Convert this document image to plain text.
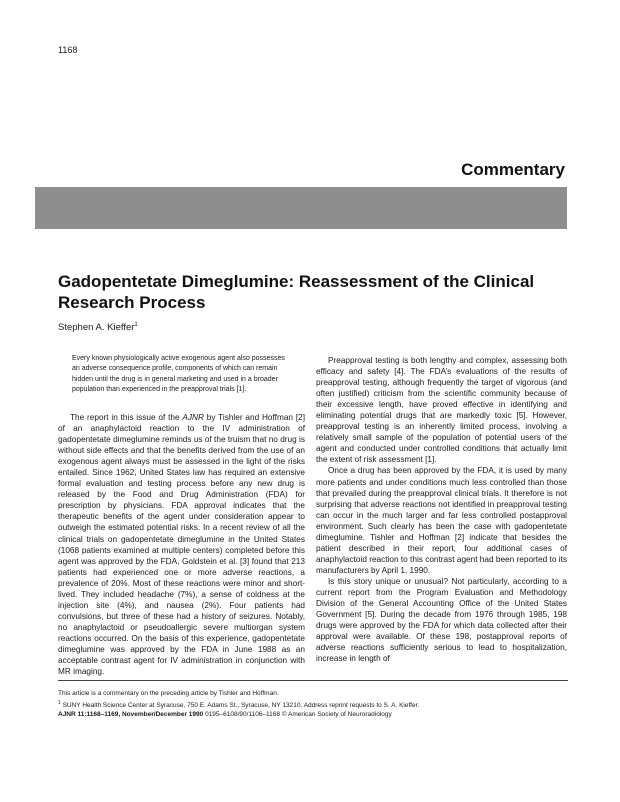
1168
Commentary
Gadopentetate Dimeglumine: Reassessment of the Clinical Research Process
Stephen A. Kieffer$^1$
Every known physiologically active exogenous agent also possesses an adverse consequence profile, components of which can remain hidden until the drug is in general marketing and used in a broader population than experienced in the preapproval trials [1].

The report in this issue of the AJNR by Tishler and Hoffman [2] of an anaphylactoid reaction to the IV administration of gadopentetate dimeglumine reminds us of the truism that no drug is without side effects and that the benefits derived from the use of an exogenous agent always must be assessed in the light of the risks entailed. Since 1962, United States law has required an extensive formal evaluation and testing process before any new drug is released by the Food and Drug Administration (FDA) for prescription by physicians. FDA approval indicates that the therapeutic benefits of the agent under consideration appear to outweigh the estimated potential risks. In a recent review of all the clinical trials on gadopentetate dimeglumine in the United States (1068 patients examined at multiple centers) completed before this agent was approved by the FDA, Goldstein et al. [3] found that 213 patients had experienced one or more adverse reactions, a prevalence of 20%. Most of these reactions were minor and short-lived. They included headache (7%), a sense of coldness at the injection site (4%), and nausea (2%). Four patients had convulsions, but three of these had a history of seizures. Notably, no anaphylactoid or pseudoallergic severe multiorgan system reactions occurred. On the basis of this experience, gadopentetate dimeglumine was approved by the FDA in June 1988 as an acceptable contrast agent for IV administration in conjunction with MR imaging.

Preapproval testing is both lengthy and complex, assessing both efficacy and safety [4]. The FDA’s evaluations of the results of preapproval testing, although frequently the target of vigorous (and often justified) criticism from the scientific community because of their excessive length, have proved effective in identifying and eliminating potential drugs that are markedly toxic [5]. However, preapproval testing is an inherently limited process, involving a relatively small sample of the population of potential users of the agent and conducted under controlled conditions that actually limit the extent of risk assessment [1].

Once a drug has been approved by the FDA, it is used by many more patients and under conditions much less controlled than those that prevailed during the preapproval clinical trials. It therefore is not surprising that adverse reactions not identified in preapproval testing can occur in the much larger and far less controlled postapproval environment. Such clearly has been the case with gadopentetate dimeglumine. Tishler and Hoffman [2] indicate that besides the patient described in their report, four additional cases of anaphylactoid reaction to this contrast agent had been reported to its manufacturers by April 1, 1990.

Is this story unique or unusual? Not particularly, according to a current report from the Program Evaluation and Methodology Division of the General Accounting Office of the United States Government [5]. During the decade from 1976 through 1985, 198 drugs were approved by the FDA for which data collected after their approval were available. Of these 198, postapproval reports of adverse reactions sufficiently serious to lead to hospitalization, increase in length of

This article is a commentary on the preceding article by Tishler and Hoffman.
$^1$ SUNY Health Science Center at Syracuse, 750 E. Adams St., Syracuse, NY 13210. Address reprint requests to S. A. Kieffer.
AJNR 11:1168–1169, November/December 1990 0195–6108/90/1106–1168 © American Society of Neuroradiology
